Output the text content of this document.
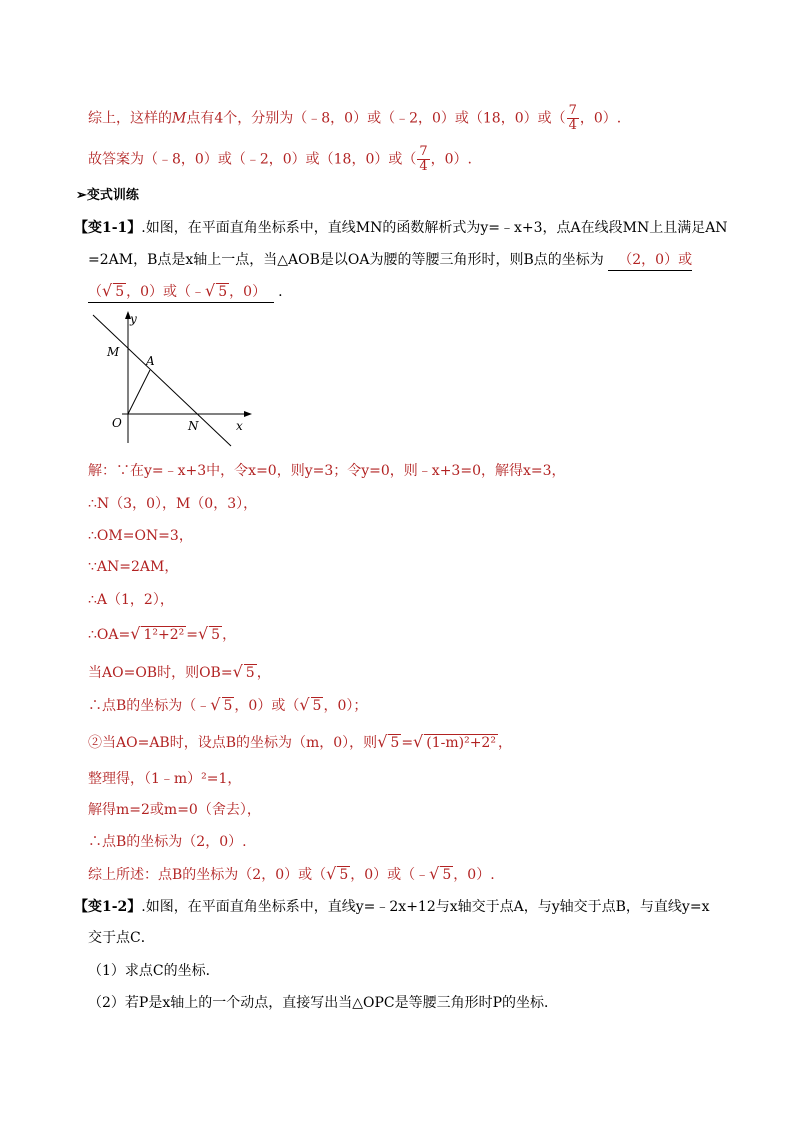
综上，这样的M点有4个，分别为（﹣8，0）或（﹣2，0）或（18，0）或（ $\frac{7}{4}$ ，0）.
故答案为（﹣8，0）或（﹣2，0）或（18，0）或（ $\frac{7}{4}$ ，0）.
➢变式训练
【变1-1】.如图，在平面直角坐标系中，直线MN的函数解析式为y=﹣x+3，点A在线段MN上且满足AN
=2AM，B点是x轴上一点，当△AOB是以OA为腰的等腰三角形时，则B点的坐标为 （2，0）或
（√ 5 ，0）或（﹣√ 5 ，0） .
y
x
M
A
O	N
解：∵在y=﹣x+3中，令x=0，则y=3；令y=0，则﹣x+3=0，解得x=3，
∴N（3，0），M（0，3），
∴OM=ON=3，
∵AN=2AM，
∴A（1，2），
∴OA=√ 1²+2² =√ 5 ，
当AO=OB时，则OB=√ 5 ，
∴点B的坐标为（﹣√ 5 ，0）或（√ 5 ，0）；
②当AO=AB时，设点B的坐标为（m，0），则√ 5 =√ (1-m)²+2² ，
整理得，（1﹣m）²=1，
解得m=2或m=0（舍去），
∴点B的坐标为（2，0）.
综上所述：点B的坐标为（2，0）或（√ 5 ，0）或（﹣√ 5 ，0）.
【变1-2】.如图，在平面直角坐标系中，直线y=﹣2x+12与x轴交于点A，与y轴交于点B，与直线y=x
交于点C．
（1）求点C的坐标．
（2）若P是x轴上的一个动点，直接写出当△OPC是等腰三角形时P的坐标．
